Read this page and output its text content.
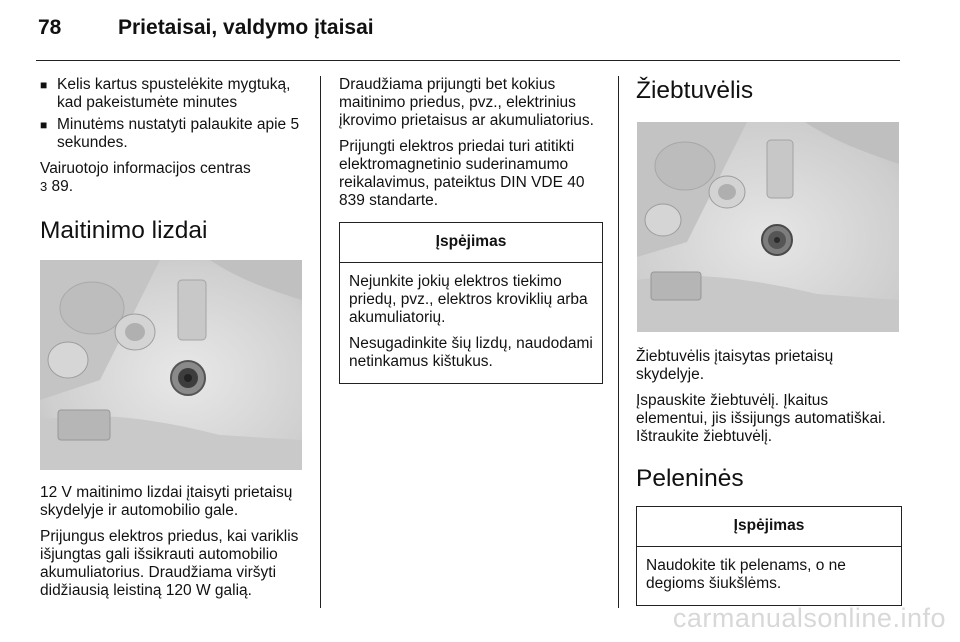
78	Prietaisai, valdymo įtaisai
■ Kelis kartus spustelėkite mygtuką, kad pakeistumėte minutes
■ Minutėms nustatyti palaukite apie 5 sekundes.

Vairuotojo informacijos centras
3 89.

Maitinimo lizdai

12 V maitinimo lizdai įtaisyti prietaisų skydelyje ir automobilio gale.

Prijungus elektros priedus, kai variklis išjungtas gali išsikrauti automobilio akumuliatorius. Draudžiama viršyti didžiausią leistiną 120 W galią.

Draudžiama prijungti bet kokius maitinimo priedus, pvz., elektrinius įkrovimo prietaisus ar akumuliatorius.

Prijungti elektros priedai turi atitikti elektromagnetinio suderinamumo reikalavimus, pateiktus DIN VDE 40 839 standarte.

Įspėjimas

Nejunkite jokių elektros tiekimo priedų, pvz., elektros kroviklių arba akumuliatorių.

Nesugadinkite šių lizdų, naudodami netinkamus kištukus.

Žiebtuvėlis

Žiebtuvėlis įtaisytas prietaisų skydelyje.

Įspauskite žiebtuvėlį. Įkaitus elementui, jis išsijungs automatiškai. Ištraukite žiebtuvėlį.

Peleninės
Įspėjimas

Naudokite tik pelenams, o ne degioms šiukšlėms.

carmanualsonline.info
